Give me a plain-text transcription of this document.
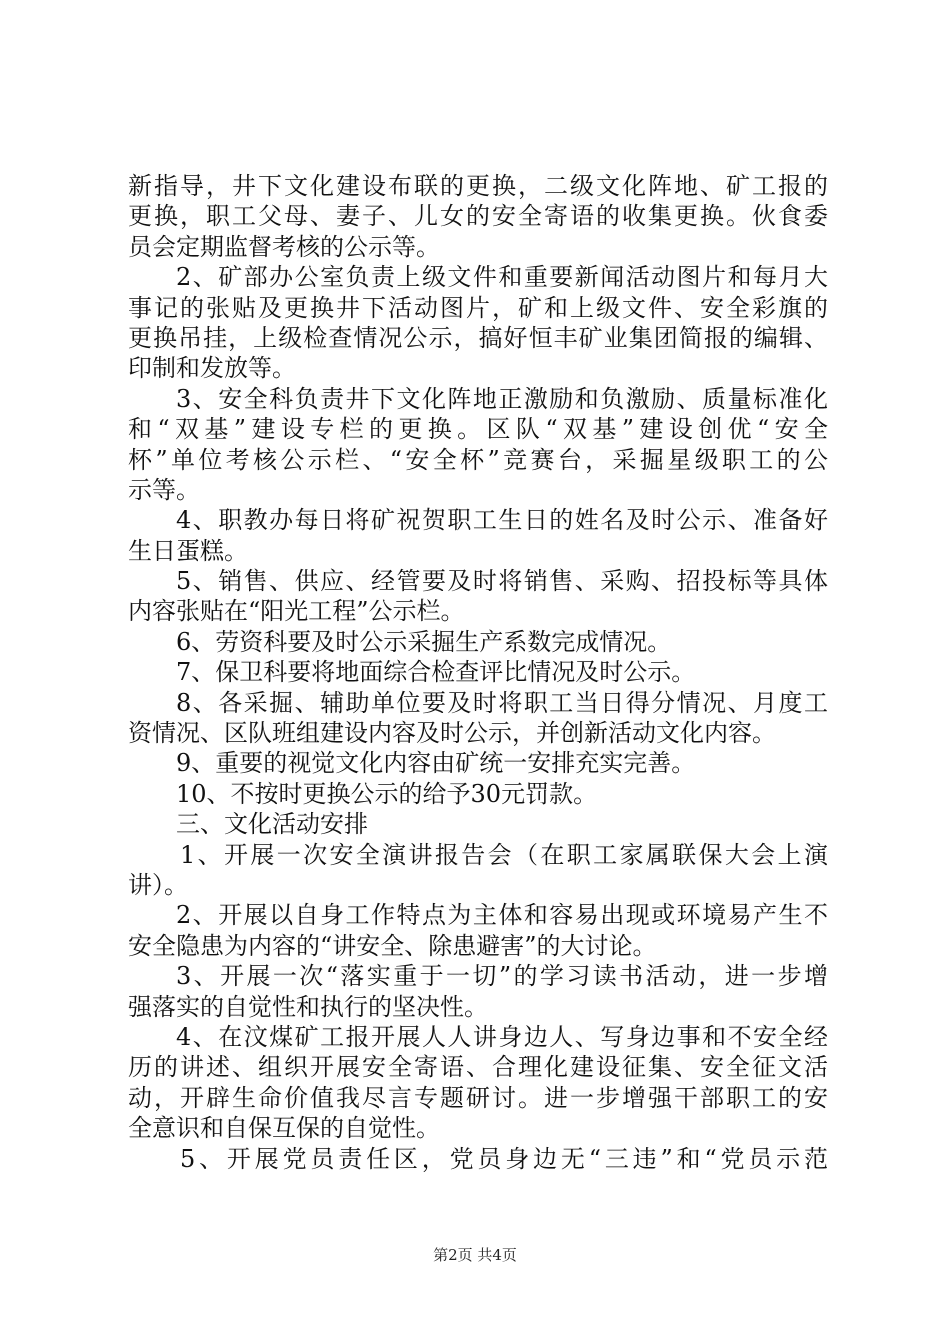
新指导，井下文化建设布联的更换，二级文化阵地、矿工报的
更换，职工父母、妻子、儿女的安全寄语的收集更换。伙食委
员会定期监督考核的公示等。
2、矿部办公室负责上级文件和重要新闻活动图片和每月大
事记的张贴及更换井下活动图片，矿和上级文件、安全彩旗的
更换吊挂，上级检查情况公示，搞好恒丰矿业集团简报的编辑、
印制和发放等。
3、安全科负责井下文化阵地正激励和负激励、质量标准化
和“双基”建设专栏的更换。区队“双基”建设创优“安全
杯”单位考核公示栏、“安全杯”竞赛台，采掘星级职工的公
示等。
4、职教办每日将矿祝贺职工生日的姓名及时公示、准备好
生日蛋糕。
5、销售、供应、经管要及时将销售、采购、招投标等具体
内容张贴在“阳光工程”公示栏。
6、劳资科要及时公示采掘生产系数完成情况。
7、保卫科要将地面综合检查评比情况及时公示。
8、各采掘、辅助单位要及时将职工当日得分情况、月度工
资情况、区队班组建设内容及时公示，并创新活动文化内容。
9、重要的视觉文化内容由矿统一安排充实完善。
10、不按时更换公示的给予30元罚款。
三、文化活动安排
1、开展一次安全演讲报告会（在职工家属联保大会上演
讲）。
2、开展以自身工作特点为主体和容易出现或环境易产生不
安全隐患为内容的“讲安全、除患避害”的大讨论。
3、开展一次“落实重于一切”的学习读书活动，进一步增
强落实的自觉性和执行的坚决性。
4、在汶煤矿工报开展人人讲身边人、写身边事和不安全经
历的讲述、组织开展安全寄语、合理化建设征集、安全征文活
动，开辟生命价值我尽言专题研讨。进一步增强干部职工的安
全意识和自保互保的自觉性。
5、开展党员责任区，党员身边无“三违”和“党员示范
第2页 共4页
